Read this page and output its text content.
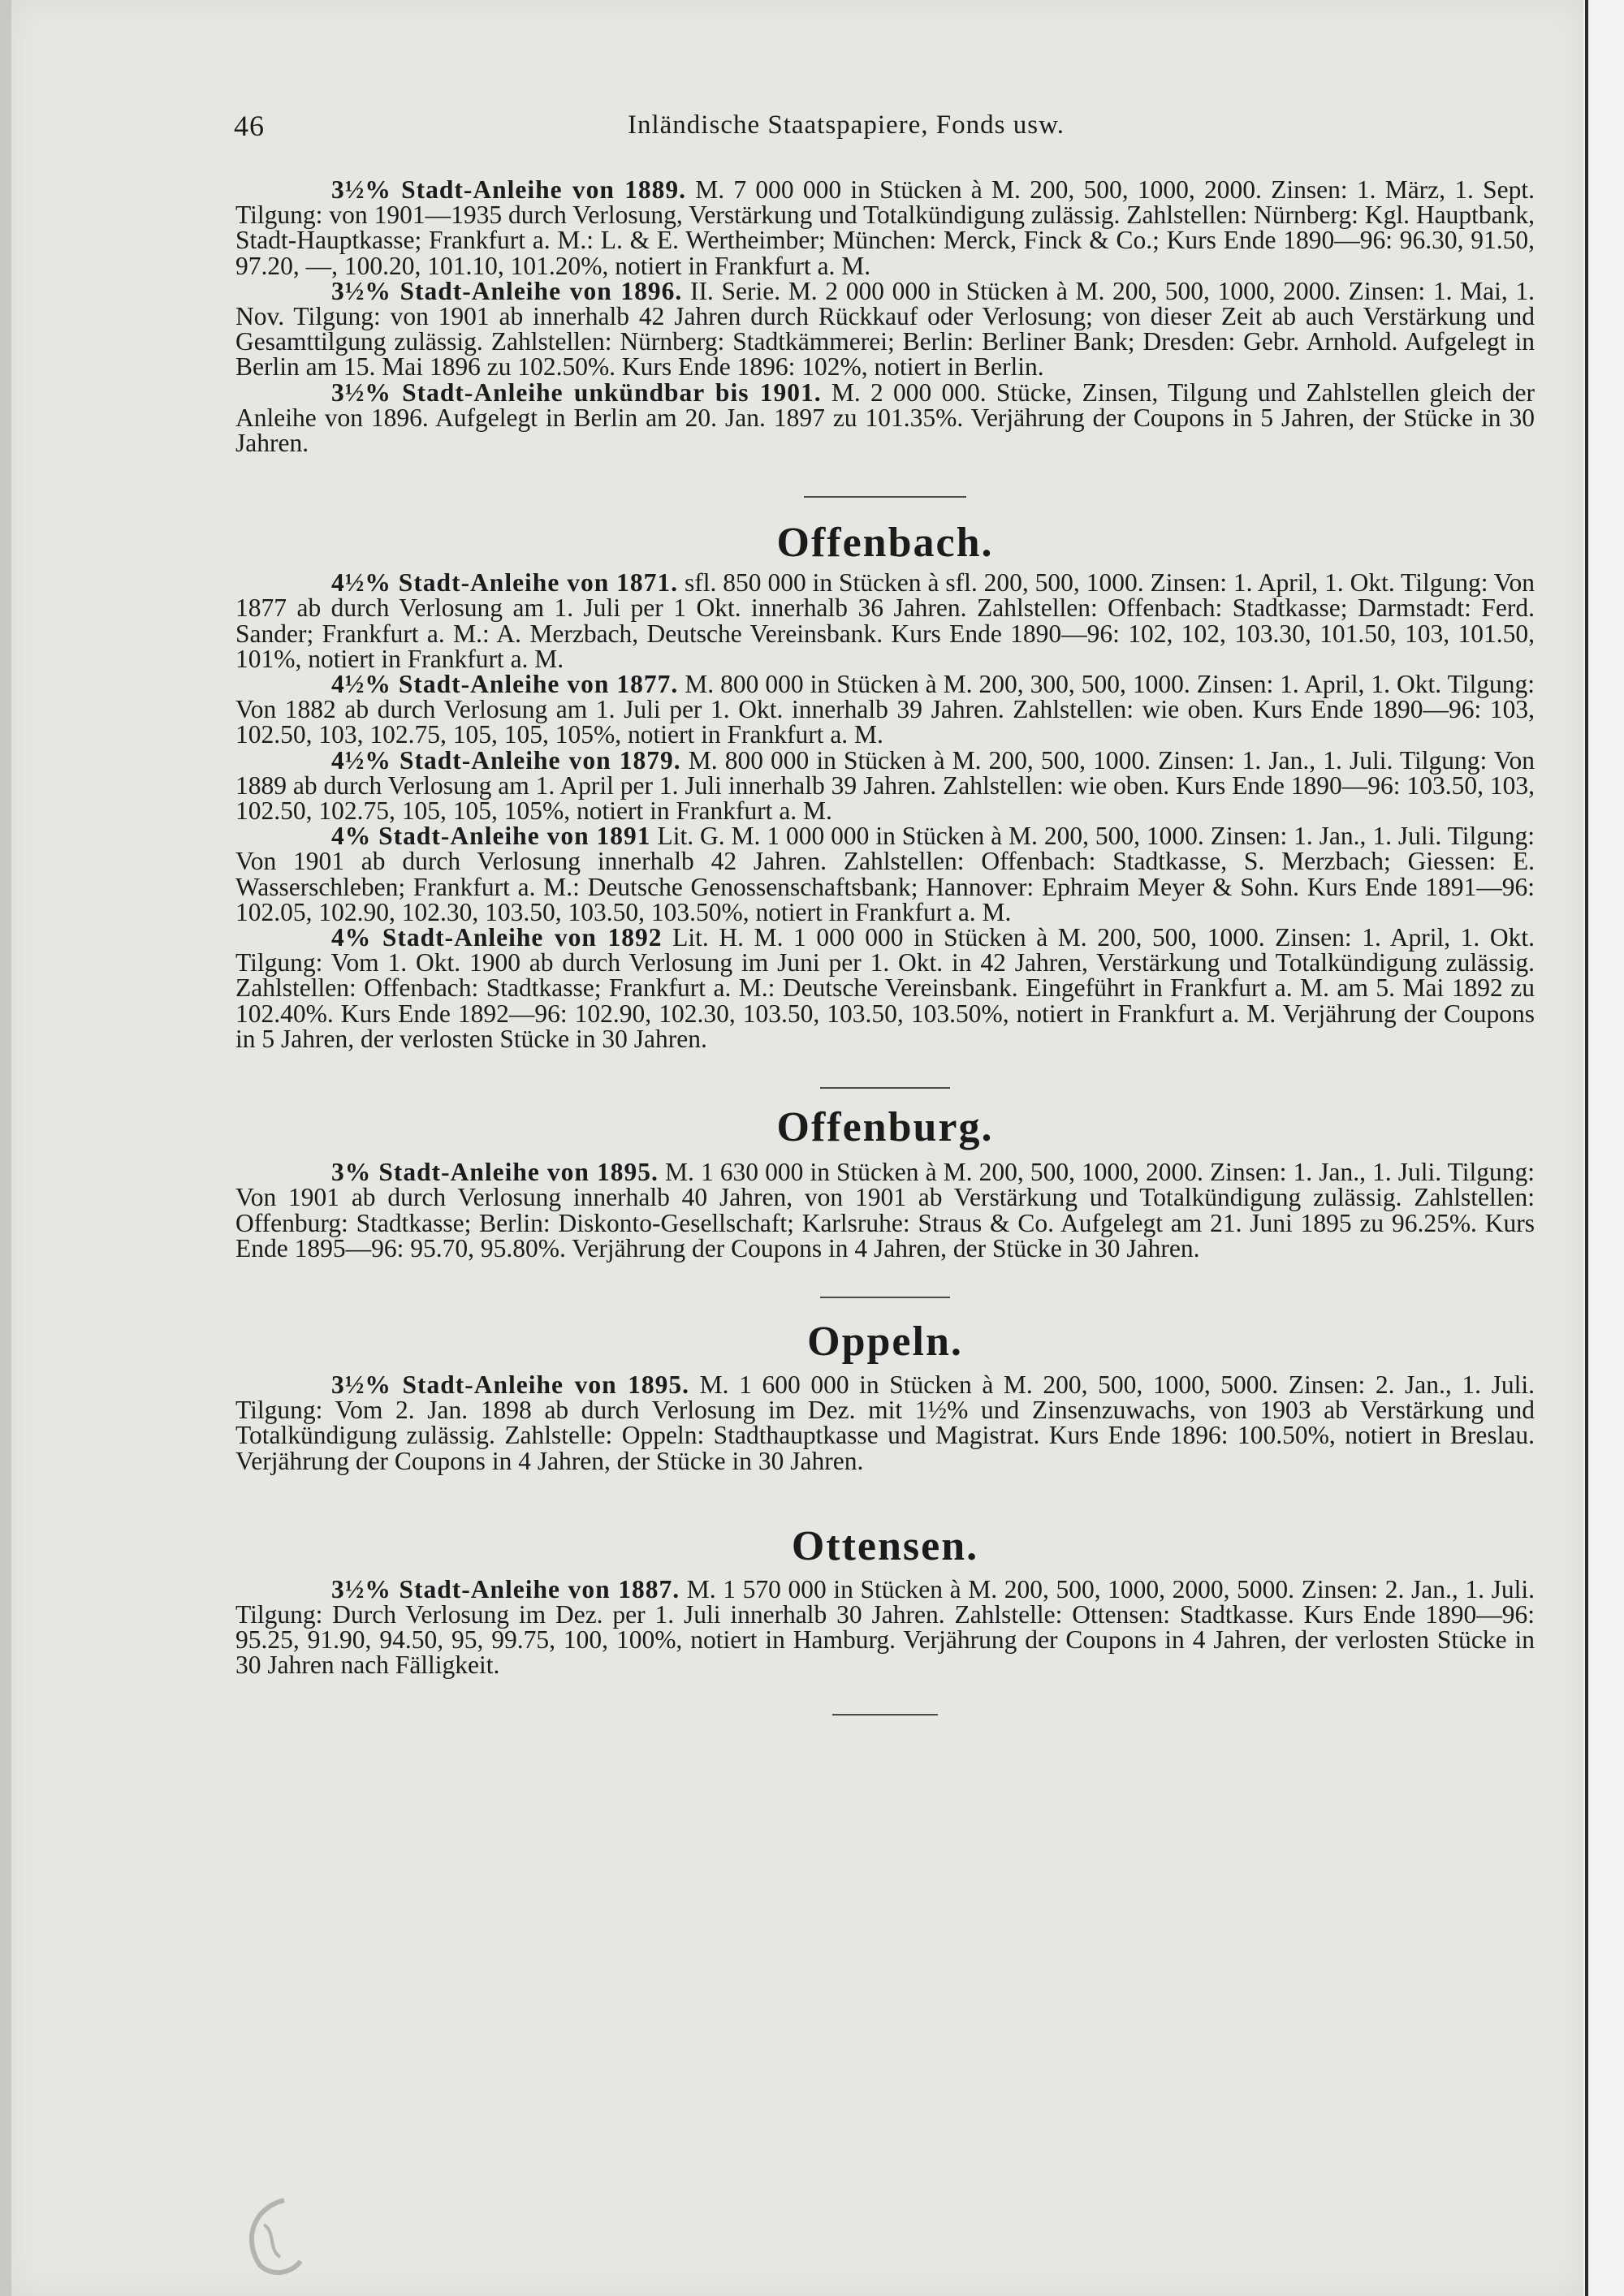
46	Inländische Staatspapiere, Fonds usw.

3½% Stadt-Anleihe von 1889. M. 7 000 000 in Stücken à M. 200, 500, 1000, 2000. Zinsen: 1. März, 1. Sept. Tilgung: von 1901—1935 durch Verlosung, Verstärkung und Totalkündigung zulässig. Zahlstellen: Nürnberg: Kgl. Hauptbank, Stadt-Hauptkasse; Frankfurt a. M.: L. & E. Wertheimber; München: Merck, Finck & Co.; Kurs Ende 1890—96: 96.30, 91.50, 97.20, —, 100.20, 101.10, 101.20%, notiert in Frankfurt a. M.

3½% Stadt-Anleihe von 1896. II. Serie. M. 2 000 000 in Stücken à M. 200, 500, 1000, 2000. Zinsen: 1. Mai, 1. Nov. Tilgung: von 1901 ab innerhalb 42 Jahren durch Rückkauf oder Verlosung; von dieser Zeit ab auch Verstärkung und Gesamttilgung zulässig. Zahlstellen: Nürnberg: Stadtkämmerei; Berlin: Berliner Bank; Dresden: Gebr. Arnhold. Aufgelegt in Berlin am 15. Mai 1896 zu 102.50%. Kurs Ende 1896: 102%, notiert in Berlin.

3½% Stadt-Anleihe unkündbar bis 1901. M. 2 000 000. Stücke, Zinsen, Tilgung und Zahlstellen gleich der Anleihe von 1896. Aufgelegt in Berlin am 20. Jan. 1897 zu 101.35%. Verjährung der Coupons in 5 Jahren, der Stücke in 30 Jahren.

Offenbach.

4½% Stadt-Anleihe von 1871. sfl. 850 000 in Stücken à sfl. 200, 500, 1000. Zinsen: 1. April, 1. Okt. Tilgung: Von 1877 ab durch Verlosung am 1. Juli per 1 Okt. innerhalb 36 Jahren. Zahlstellen: Offenbach: Stadtkasse; Darmstadt: Ferd. Sander; Frankfurt a. M.: A. Merzbach, Deutsche Vereinsbank. Kurs Ende 1890—96: 102, 102, 103.30, 101.50, 103, 101.50, 101%, notiert in Frankfurt a. M.

4½% Stadt-Anleihe von 1877. M. 800 000 in Stücken à M. 200, 300, 500, 1000. Zinsen: 1. April, 1. Okt. Tilgung: Von 1882 ab durch Verlosung am 1. Juli per 1. Okt. innerhalb 39 Jahren. Zahlstellen: wie oben. Kurs Ende 1890—96: 103, 102.50, 103, 102.75, 105, 105, 105%, notiert in Frankfurt a. M.

4½% Stadt-Anleihe von 1879. M. 800 000 in Stücken à M. 200, 500, 1000. Zinsen: 1. Jan., 1. Juli. Tilgung: Von 1889 ab durch Verlosung am 1. April per 1. Juli innerhalb 39 Jahren. Zahlstellen: wie oben. Kurs Ende 1890—96: 103.50, 103, 102.50, 102.75, 105, 105, 105%, notiert in Frankfurt a. M.

4% Stadt-Anleihe von 1891 Lit. G. M. 1 000 000 in Stücken à M. 200, 500, 1000. Zinsen: 1. Jan., 1. Juli. Tilgung: Von 1901 ab durch Verlosung innerhalb 42 Jahren. Zahlstellen: Offenbach: Stadtkasse, S. Merzbach; Giessen: E. Wasserschleben; Frankfurt a. M.: Deutsche Genossenschaftsbank; Hannover: Ephraim Meyer & Sohn. Kurs Ende 1891—96: 102.05, 102.90, 102.30, 103.50, 103.50, 103.50%, notiert in Frankfurt a. M.

4% Stadt-Anleihe von 1892 Lit. H. M. 1 000 000 in Stücken à M. 200, 500, 1000. Zinsen: 1. April, 1. Okt. Tilgung: Vom 1. Okt. 1900 ab durch Verlosung im Juni per 1. Okt. in 42 Jahren, Verstärkung und Totalkündigung zulässig. Zahlstellen: Offenbach: Stadtkasse; Frankfurt a. M.: Deutsche Vereinsbank. Eingeführt in Frankfurt a. M. am 5. Mai 1892 zu 102.40%. Kurs Ende 1892—96: 102.90, 102.30, 103.50, 103.50, 103.50%, notiert in Frankfurt a. M. Verjährung der Coupons in 5 Jahren, der verlosten Stücke in 30 Jahren.

Offenburg.

3% Stadt-Anleihe von 1895. M. 1 630 000 in Stücken à M. 200, 500, 1000, 2000. Zinsen: 1. Jan., 1. Juli. Tilgung: Von 1901 ab durch Verlosung innerhalb 40 Jahren, von 1901 ab Verstärkung und Totalkündigung zulässig. Zahlstellen: Offenburg: Stadtkasse; Berlin: Diskonto-Gesellschaft; Karlsruhe: Straus & Co. Aufgelegt am 21. Juni 1895 zu 96.25%. Kurs Ende 1895—96: 95.70, 95.80%. Verjährung der Coupons in 4 Jahren, der Stücke in 30 Jahren.

Oppeln.

3½% Stadt-Anleihe von 1895. M. 1 600 000 in Stücken à M. 200, 500, 1000, 5000. Zinsen: 2. Jan., 1. Juli. Tilgung: Vom 2. Jan. 1898 ab durch Verlosung im Dez. mit 1½% und Zinsenzuwachs, von 1903 ab Verstärkung und Totalkündigung zulässig. Zahlstelle: Oppeln: Stadthauptkasse und Magistrat. Kurs Ende 1896: 100.50%, notiert in Breslau. Verjährung der Coupons in 4 Jahren, der Stücke in 30 Jahren.

Ottensen.

3½% Stadt-Anleihe von 1887. M. 1 570 000 in Stücken à M. 200, 500, 1000, 2000, 5000. Zinsen: 2. Jan., 1. Juli. Tilgung: Durch Verlosung im Dez. per 1. Juli innerhalb 30 Jahren. Zahlstelle: Ottensen: Stadtkasse. Kurs Ende 1890—96: 95.25, 91.90, 94.50, 95, 99.75, 100, 100%, notiert in Hamburg. Verjährung der Coupons in 4 Jahren, der verlosten Stücke in 30 Jahren nach Fälligkeit.
